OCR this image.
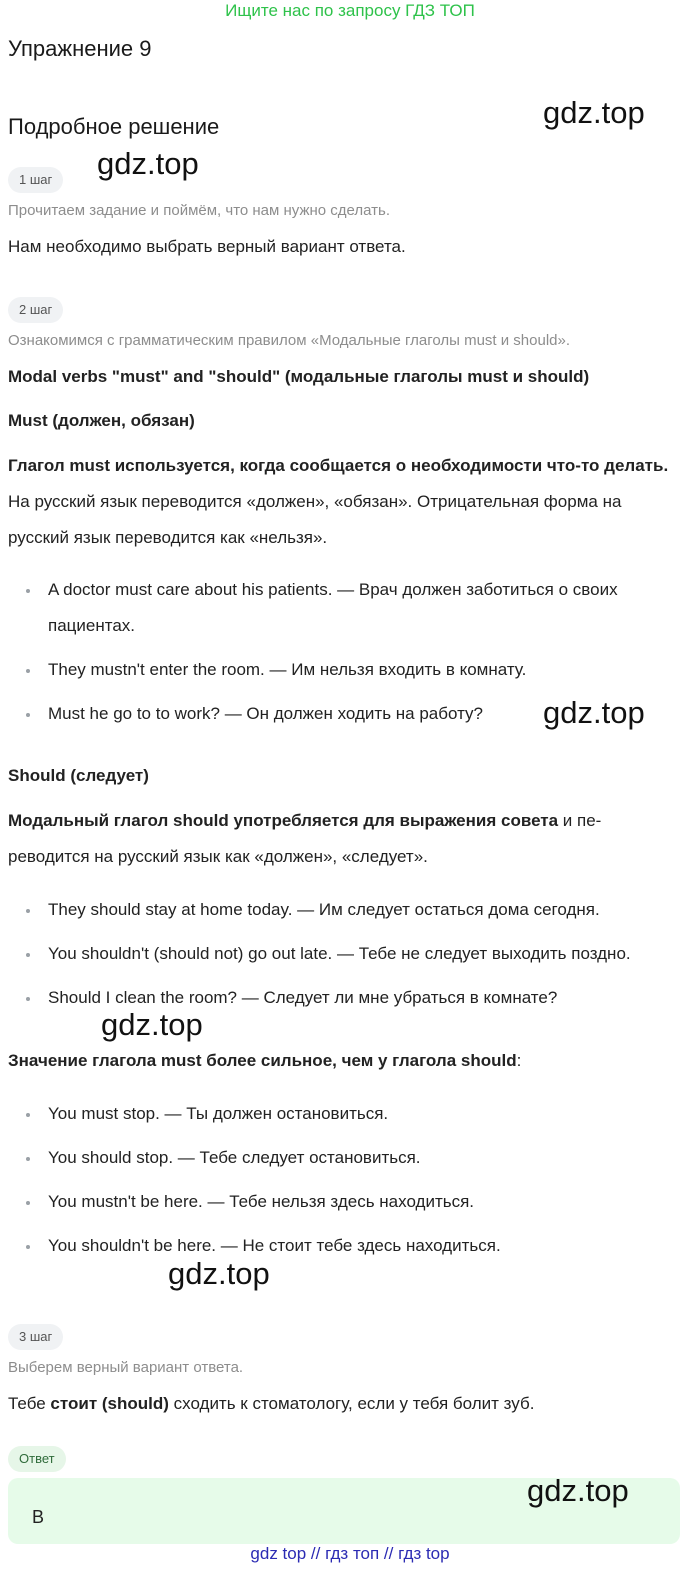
Ищите нас по запросу ГДЗ ТОП
Упражнение 9
gdz.top
Подробное решение
gdz.top
1 шаг
Прочитаем задание и поймём, что нам нужно сделать.
Нам необходимо выбрать верный вариант ответа.
2 шаг
Ознакомимся с грамматическим правилом «Модальные глаголы must и should».
Modal verbs "must" and "should" (модальные глаголы must и should)
Must (должен, обязан)
Глагол must используется, когда сообщается о необходимости что-то делать.
На русский язык переводится «должен», «обязан». Отрицательная форма на
русский язык переводится как «нельзя».
A doctor must care about his patients. — Врач должен заботиться о своих пациентах.
They mustn't enter the room. — Им нельзя входить в комнату.
Must he go to to work? — Он должен ходить на работу?	gdz.top
Should (следует)
Модальный глагол should употребляется для выражения совета и пе-
реводится на русский язык как «должен», «следует».
They should stay at home today. — Им следует остаться дома сегодня.
You shouldn't (should not) go out late. — Тебе не следует выходить поздно.
Should I clean the room? — Следует ли мне убраться в комнате?
gdz.top
Значение глагола must более сильное, чем у глагола should:
You must stop. — Ты должен остановиться.
You should stop. — Тебе следует остановиться.
You mustn't be here. — Тебе нельзя здесь находиться.
You shouldn't be here. — Не стоит тебе здесь находиться.
gdz.top
3 шаг
Выберем верный вариант ответа.
Тебе стоит (should) сходить к стоматологу, если у тебя болит зуб.
Ответ
gdz.top
B
gdz top // гдз топ // гдз top
